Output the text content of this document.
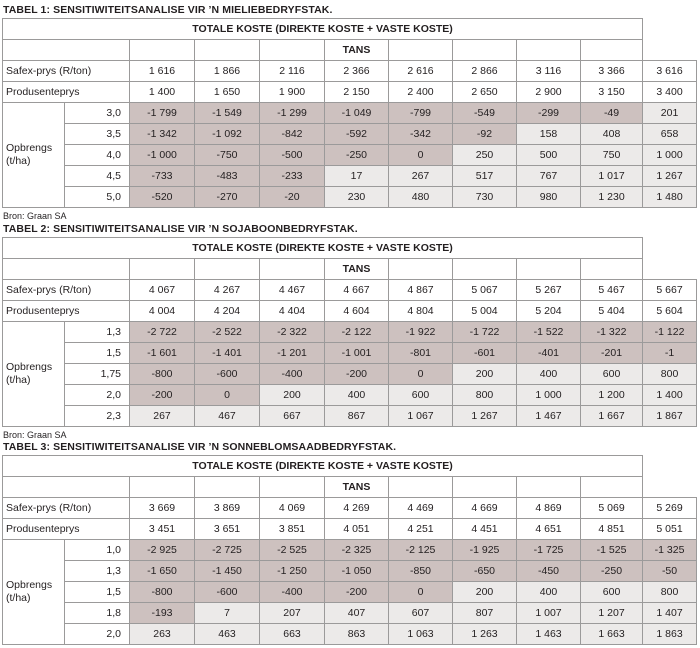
TABEL 1: SENSITIWITEITSANALISE VIR ’N MIELIEBEDRYFSTAK.
TOTALE KOSTE (DIREKTE KOSTE + VASTE KOSTE)										
					TANS					
Safex-prys (R/ton)		1 616	1 866	2 116	2 366	2 616	2 866	3 116	3 366	3 616
Produsenteprys		1 400	1 650	1 900	2 150	2 400	2 650	2 900	3 150	3 400
Opbrengs (t/ha)	3,0	-1 799	-1 549	-1 299	-1 049	-799	-549	-299	-49	201
	3,5	-1 342	-1 092	-842	-592	-342	-92	158	408	658
	4,0	-1 000	-750	-500	-250	0	250	500	750	1 000
	4,5	-733	-483	-233	17	267	517	767	1 017	1 267
	5,0	-520	-270	-20	230	480	730	980	1 230	1 480
Bron: Graan SA
TABEL 2: SENSITIWITEITSANALISE VIR ’N SOJABOONBEDRYFSTAK.
TOTALE KOSTE (DIREKTE KOSTE + VASTE KOSTE)										
					TANS					
Safex-prys (R/ton)		4 067	4 267	4 467	4 667	4 867	5 067	5 267	5 467	5 667
Produsenteprys		4 004	4 204	4 404	4 604	4 804	5 004	5 204	5 404	5 604
Opbrengs (t/ha)	1,3	-2 722	-2 522	-2 322	-2 122	-1 922	-1 722	-1 522	-1 322	-1 122
	1,5	-1 601	-1 401	-1 201	-1 001	-801	-601	-401	-201	-1
	1,75	-800	-600	-400	-200	0	200	400	600	800
	2,0	-200	0	200	400	600	800	1 000	1 200	1 400
	2,3	267	467	667	867	1 067	1 267	1 467	1 667	1 867
Bron: Graan SA
TABEL 3: SENSITIWITEITSANALISE VIR ’N SONNEBLOMSAADBEDRYFSTAK.
TOTALE KOSTE (DIREKTE KOSTE + VASTE KOSTE)										
					TANS					
Safex-prys (R/ton)		3 669	3 869	4 069	4 269	4 469	4 669	4 869	5 069	5 269
Produsenteprys		3 451	3 651	3 851	4 051	4 251	4 451	4 651	4 851	5 051
Opbrengs (t/ha)	1,0	-2 925	-2 725	-2 525	-2 325	-2 125	-1 925	-1 725	-1 525	-1 325
	1,3	-1 650	-1 450	-1 250	-1 050	-850	-650	-450	-250	-50
	1,5	-800	-600	-400	-200	0	200	400	600	800
	1,8	-193	7	207	407	607	807	1 007	1 207	1 407
	2,0	263	463	663	863	1 063	1 263	1 463	1 663	1 863
